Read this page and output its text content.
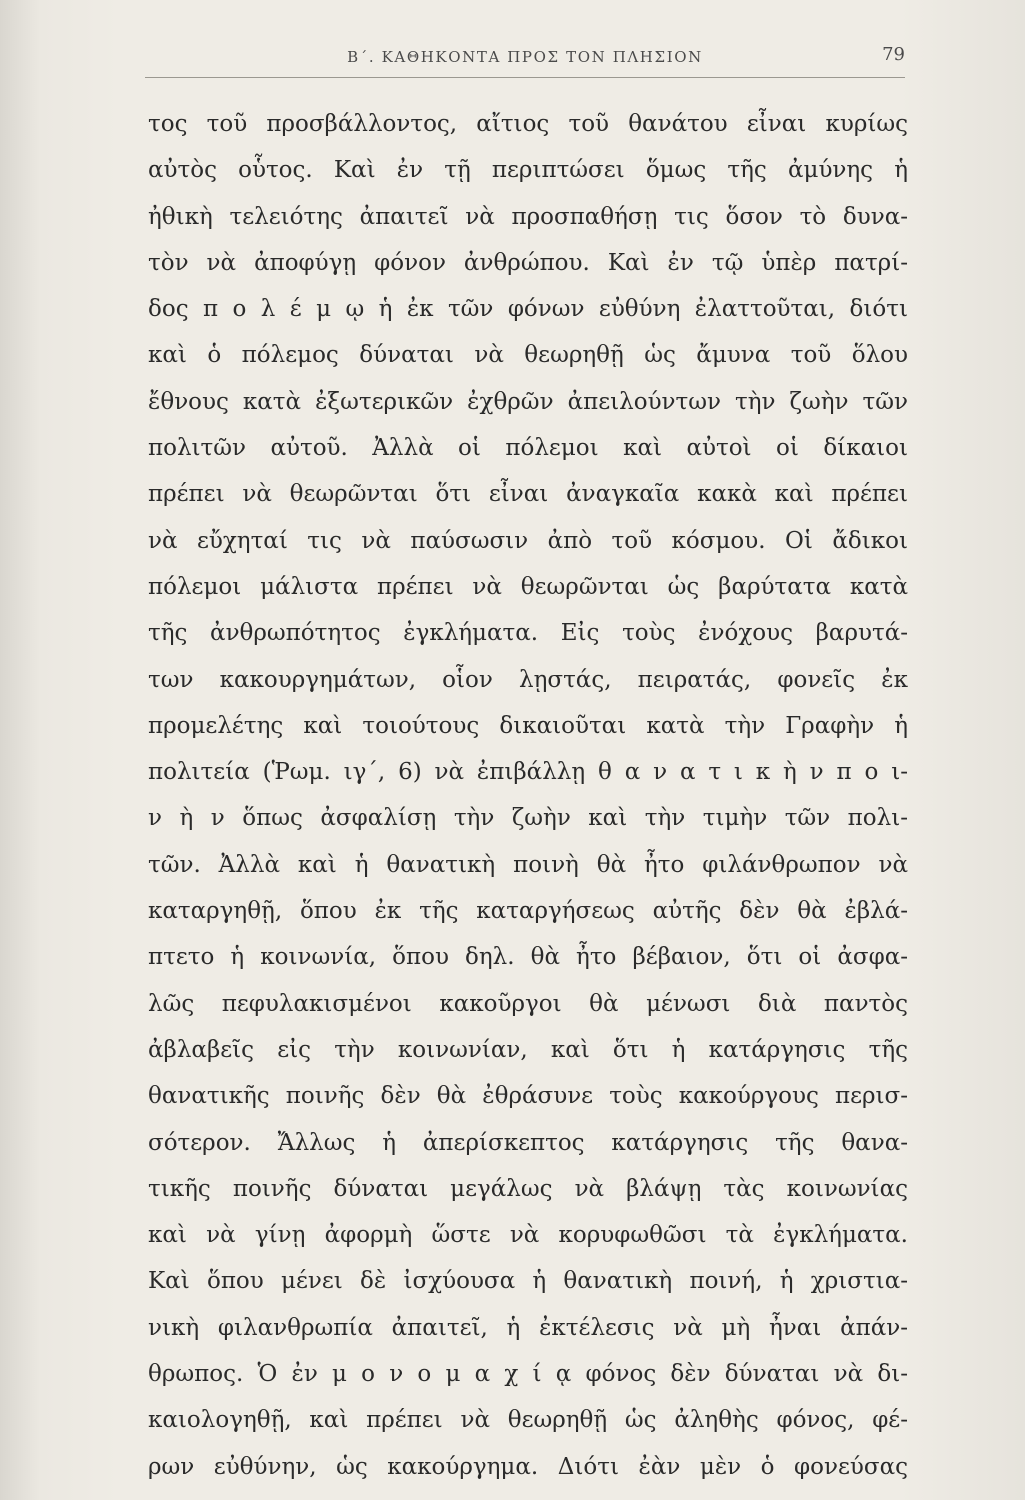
Β΄. ΚΑΘΗΚΟΝΤΑ ΠΡΟΣ ΤΟΝ ΠΛΗΣΙΟΝ	79
τος τοῦ προσβάλλοντος, αἴτιος τοῦ θανάτου εἶναι κυρίως
αὐτὸς οὗτος. Καὶ ἐν τῇ περιπτώσει ὅμως τῆς ἀμύνης ἡ
ἠθικὴ τελειότης ἀπαιτεῖ νὰ προσπαθήσῃ τις ὅσον τὸ δυνα-
τὸν νὰ ἀποφύγῃ φόνον ἀνθρώπου. Καὶ ἐν τῷ ὑπὲρ πατρί-
δος π ο λ έ μ ῳ ἡ ἐκ τῶν φόνων εὐθύνη ἐλαττοῦται, διότι
καὶ ὁ πόλεμος δύναται νὰ θεωρηθῇ ὡς ἄμυνα τοῦ ὅλου
ἔθνους κατὰ ἐξωτερικῶν ἐχθρῶν ἀπειλούντων τὴν ζωὴν τῶν
πολιτῶν αὐτοῦ. Ἀλλὰ οἱ πόλεμοι καὶ αὐτοὶ οἱ δίκαιοι
πρέπει νὰ θεωρῶνται ὅτι εἶναι ἀναγκαῖα κακὰ καὶ πρέπει
νὰ εὔχηταί τις νὰ παύσωσιν ἀπὸ τοῦ κόσμου. Οἱ ἄδικοι
πόλεμοι μάλιστα πρέπει νὰ θεωρῶνται ὡς βαρύτατα κατὰ
τῆς ἀνθρωπότητος ἐγκλήματα. Εἰς τοὺς ἐνόχους βαρυτά-
των κακουργημάτων, οἷον λῃστάς, πειρατάς, φονεῖς ἐκ
προμελέτης καὶ τοιούτους δικαιοῦται κατὰ τὴν Γραφὴν ἡ
πολιτεία (Ῥωμ. ιγ΄, 6) νὰ ἐπιβάλλῃ θ α ν α τ ι κ ὴ ν π ο ι-
ν ὴ ν ὅπως ἀσφαλίσῃ τὴν ζωὴν καὶ τὴν τιμὴν τῶν πολι-
τῶν. Ἀλλὰ καὶ ἡ θανατικὴ ποινὴ θὰ ἦτο φιλάνθρωπον νὰ
καταργηθῇ, ὅπου ἐκ τῆς καταργήσεως αὐτῆς δὲν θὰ ἐβλά-
πτετο ἡ κοινωνία, ὅπου δηλ. θὰ ἦτο βέβαιον, ὅτι οἱ ἀσφα-
λῶς πεφυλακισμένοι κακοῦργοι θὰ μένωσι διὰ παντὸς
ἀβλαβεῖς εἰς τὴν κοινωνίαν, καὶ ὅτι ἡ κατάργησις τῆς
θανατικῆς ποινῆς δὲν θὰ ἐθράσυνε τοὺς κακούργους περισ-
σότερον. Ἄλλως ἡ ἀπερίσκεπτος κατάργησις τῆς θανα-
τικῆς ποινῆς δύναται μεγάλως νὰ βλάψῃ τὰς κοινωνίας
καὶ νὰ γίνῃ ἀφορμὴ ὥστε νὰ κορυφωθῶσι τὰ ἐγκλήματα.
Καὶ ὅπου μένει δὲ ἰσχύουσα ἡ θανατικὴ ποινή, ἡ χριστια-
νικὴ φιλανθρωπία ἀπαιτεῖ, ἡ ἐκτέλεσις νὰ μὴ ἦναι ἀπάν-
θρωπος. Ὁ ἐν μ ο ν ο μ α χ ί ᾳ φόνος δὲν δύναται νὰ δι-
καιολογηθῇ, καὶ πρέπει νὰ θεωρηθῇ ὡς ἀληθὴς φόνος, φέ-
ρων εὐθύνην, ὡς κακούργημα. Διότι ἐὰν μὲν ὁ φονεύσας
